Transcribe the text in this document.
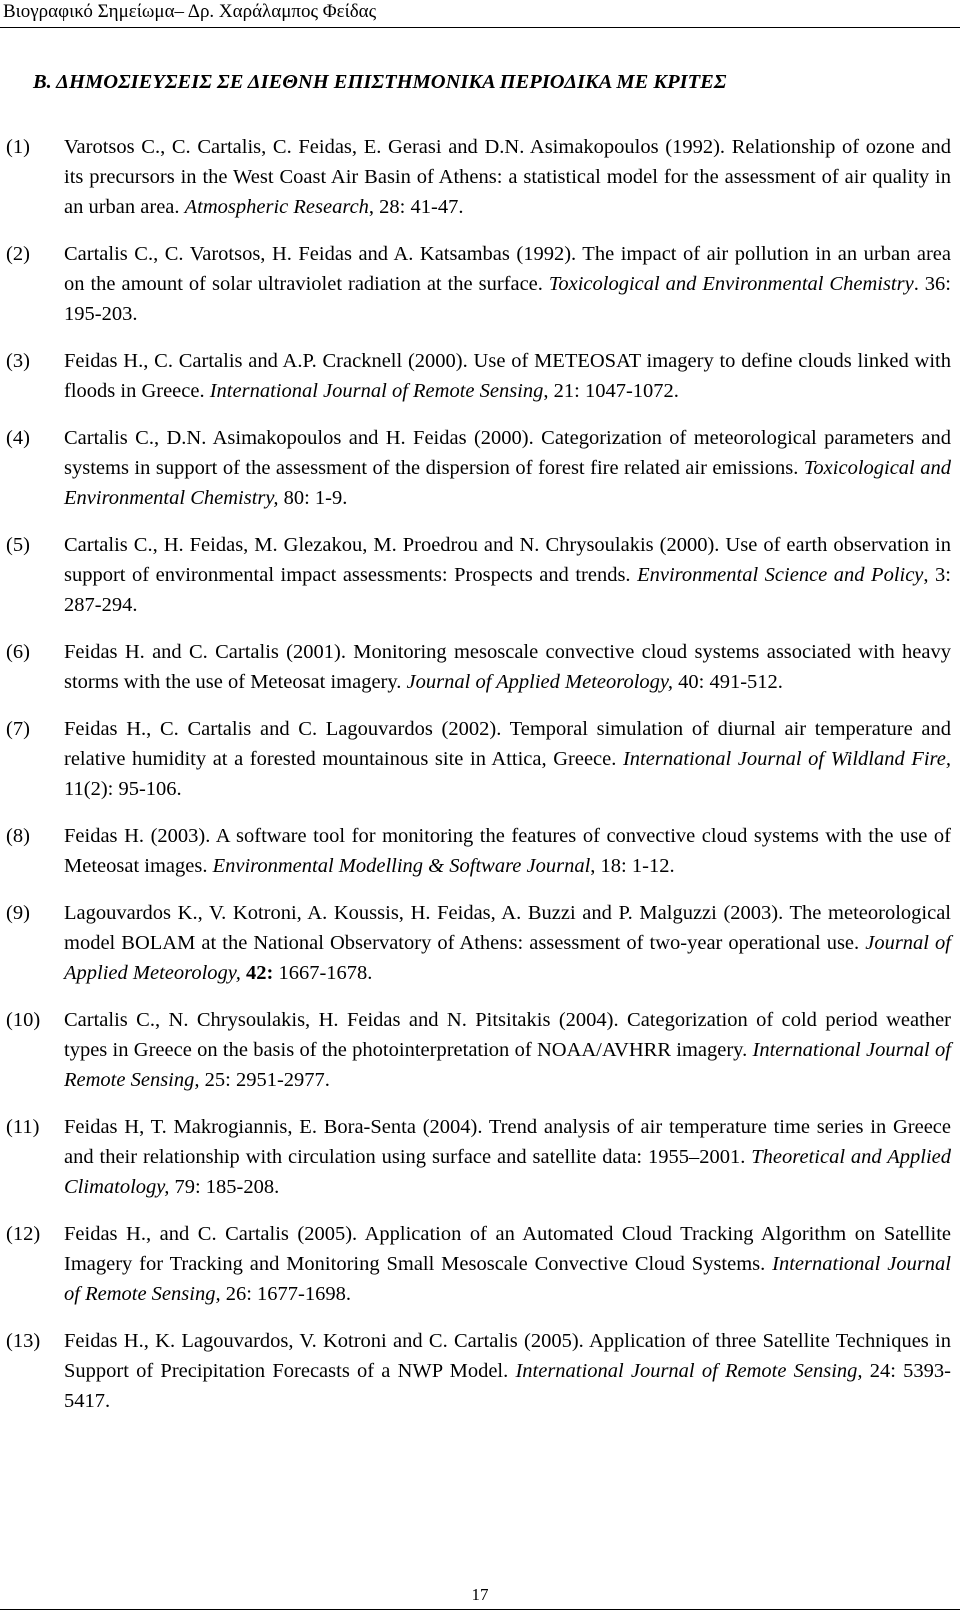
Βιογραφικό Σημείωμα– Δρ. Χαράλαμπος Φείδας
Β. ΔΗΜΟΣΙΕΥΣΕΙΣ ΣΕ ΔΙΕΘΝΗ ΕΠΙΣΤΗΜΟΝΙΚΑ ΠΕΡΙΟΔΙΚΑ ΜΕ ΚΡΙΤΕΣ
(1) Varotsos C., C. Cartalis, C. Feidas, E. Gerasi and D.N. Asimakopoulos (1992). Relationship of ozone and its precursors in the West Coast Air Basin of Athens: a statistical model for the assessment of air quality in an urban area. Atmospheric Research, 28: 41-47.
(2) Cartalis C., C. Varotsos, H. Feidas and A. Katsambas (1992). The impact of air pollution in an urban area on the amount of solar ultraviolet radiation at the surface. Toxicological and Environmental Chemistry. 36: 195-203.
(3) Feidas H., C. Cartalis and A.P. Cracknell (2000). Use of METEOSAT imagery to define clouds linked with floods in Greece. International Journal of Remote Sensing, 21: 1047-1072.
(4) Cartalis C., D.N. Asimakopoulos and H. Feidas (2000). Categorization of meteorological parameters and systems in support of the assessment of the dispersion of forest fire related air emissions. Toxicological and Environmental Chemistry, 80: 1-9.
(5) Cartalis C., H. Feidas, M. Glezakou, M. Proedrou and N. Chrysoulakis (2000). Use of earth observation in support of environmental impact assessments: Prospects and trends. Environmental Science and Policy, 3: 287-294.
(6) Feidas H. and C. Cartalis (2001). Monitoring mesoscale convective cloud systems associated with heavy storms with the use of Meteosat imagery. Journal of Applied Meteorology, 40: 491-512.
(7) Feidas H., C. Cartalis and C. Lagouvardos (2002). Temporal simulation of diurnal air temperature and relative humidity at a forested mountainous site in Attica, Greece. International Journal of Wildland Fire, 11(2): 95-106.
(8) Feidas H. (2003). A software tool for monitoring the features of convective cloud systems with the use of Meteosat images. Environmental Modelling & Software Journal, 18: 1-12.
(9) Lagouvardos K., V. Kotroni, A. Koussis, H. Feidas, A. Buzzi and P. Malguzzi (2003). The meteorological model BOLAM at the National Observatory of Athens: assessment of two-year operational use. Journal of Applied Meteorology, 42: 1667-1678.
(10) Cartalis C., N. Chrysoulakis, H. Feidas and N. Pitsitakis (2004). Categorization of cold period weather types in Greece on the basis of the photointerpretation of NOAA/AVHRR imagery. International Journal of Remote Sensing, 25: 2951-2977.
(11) Feidas H, T. Makrogiannis, E. Bora-Senta (2004). Trend analysis of air temperature time series in Greece and their relationship with circulation using surface and satellite data: 1955–2001. Theoretical and Applied Climatology, 79: 185-208.
(12) Feidas H., and C. Cartalis (2005). Application of an Automated Cloud Tracking Algorithm on Satellite Imagery for Tracking and Monitoring Small Mesoscale Convective Cloud Systems. International Journal of Remote Sensing, 26: 1677-1698.
(13) Feidas H., K. Lagouvardos, V. Kotroni and C. Cartalis (2005). Application of three Satellite Techniques in Support of Precipitation Forecasts of a NWP Model. International Journal of Remote Sensing, 24: 5393-5417.
17
